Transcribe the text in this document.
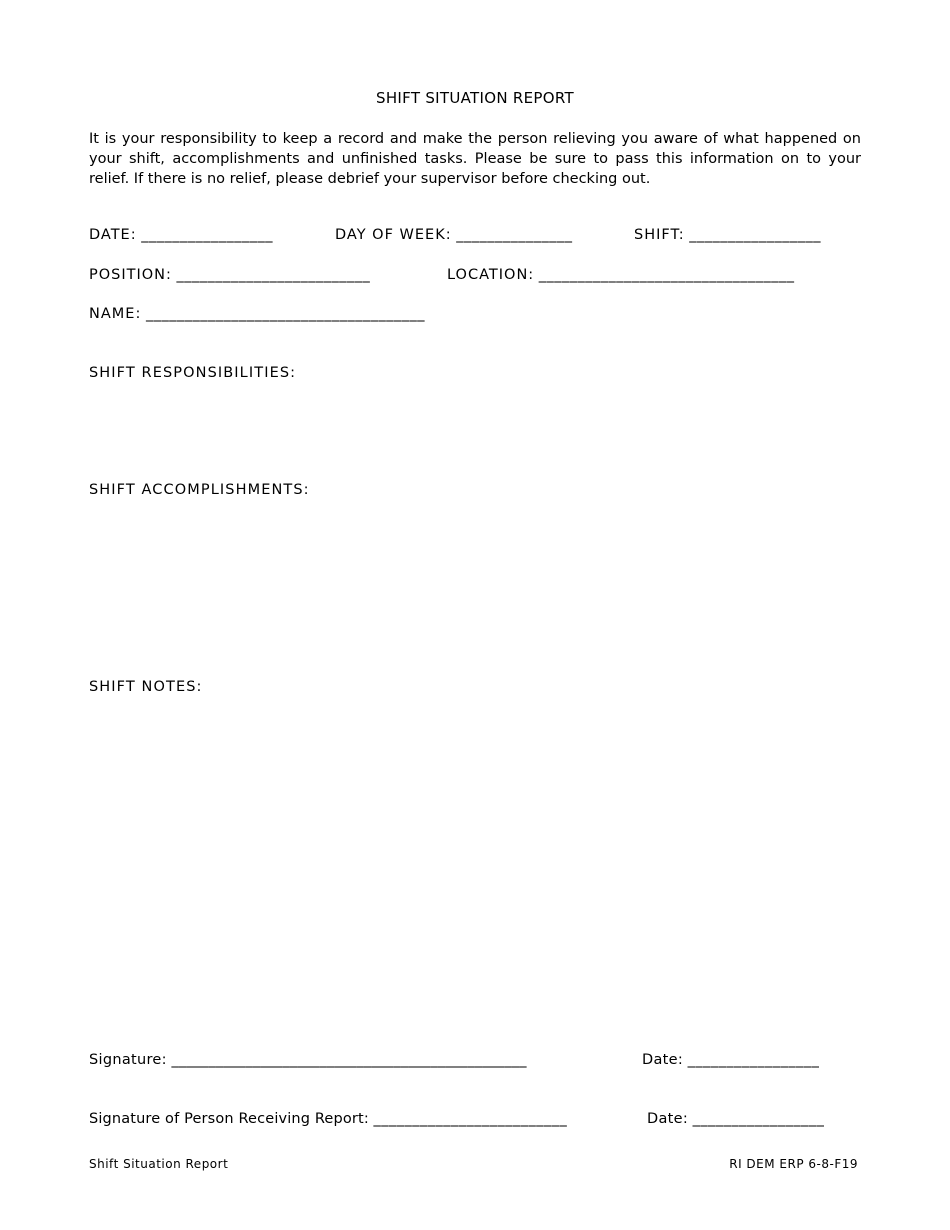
SHIFT SITUATION REPORT
It is your responsibility to keep a record and make the person relieving you aware of what happened on your shift, accomplishments and unfinished tasks. Please be sure to pass this information on to your relief. If there is no relief, please debrief your supervisor before checking out.
DATE: _________________	DAY OF WEEK: _______________	SHIFT: _________________
POSITION: _________________________	LOCATION: _________________________________
NAME: ____________________________________
SHIFT RESPONSIBILITIES:
SHIFT ACCOMPLISHMENTS:
SHIFT NOTES:
Signature: ________________________________________________	Date: _________________
Signature of Person Receiving Report: _________________________	Date: _________________
Shift Situation Report	RI DEM ERP 6-8-F19
